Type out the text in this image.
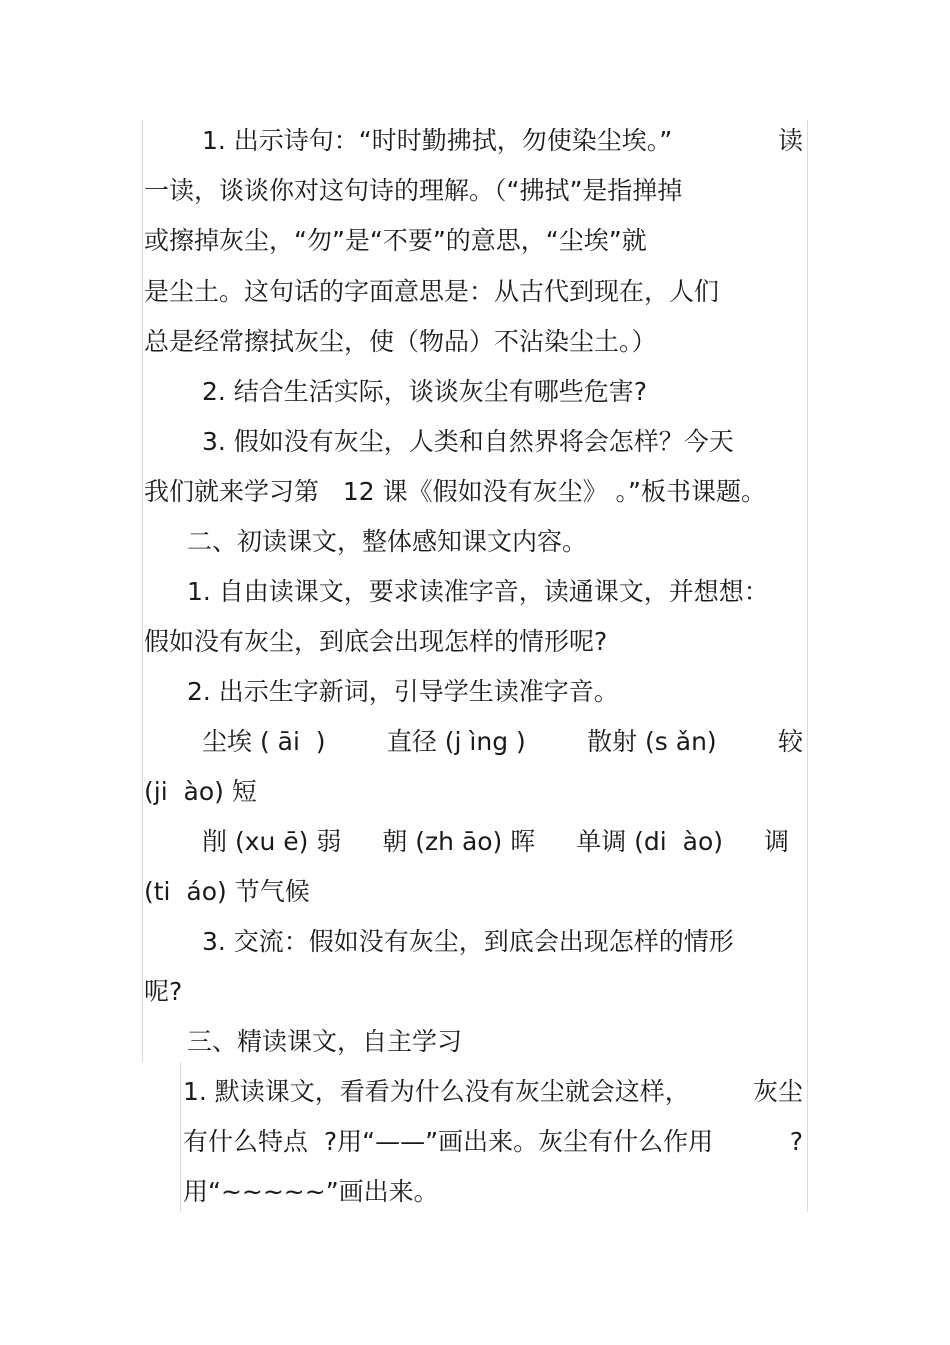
1. 出示诗句：“时时勤拂拭，勿使染尘埃。”	读
一读，谈谈你对这句诗的理解。（“拂拭”是指掸掉
或擦掉灰尘，“勿”是“不要”的意思，“尘埃”就
是尘土。这句话的字面意思是：从古代到现在，人们
总是经常擦拭灰尘，使（物品）不沾染尘土。）
2. 结合生活实际，谈谈灰尘有哪些危害?
3. 假如没有灰尘，人类和自然界将会怎样？今天
我们就来学习第   12 课《假如没有灰尘》 。”板书课题。
二、初读课文，整体感知课文内容。
1. 自由读课文，要求读准字音，读通课文，并想想：
假如没有灰尘，到底会出现怎样的情形呢?
2. 出示生字新词，引导学生读准字音。
尘埃 ( āi  ) 直径 (j ìng ) 散射 (s ǎn) 较
(ji  ào) 短
削 (xu ē) 弱 朝 (zh āo) 晖 单调 (di  ào) 调
(ti  áo) 节气候
3. 交流：假如没有灰尘，到底会出现怎样的情形
呢?
三、精读课文，自主学习
1. 默读课文，看看为什么没有灰尘就会这样，	灰尘
有什么特点  ?用“——”画出来。灰尘有什么作用	?
用“~~~~~”画出来。
